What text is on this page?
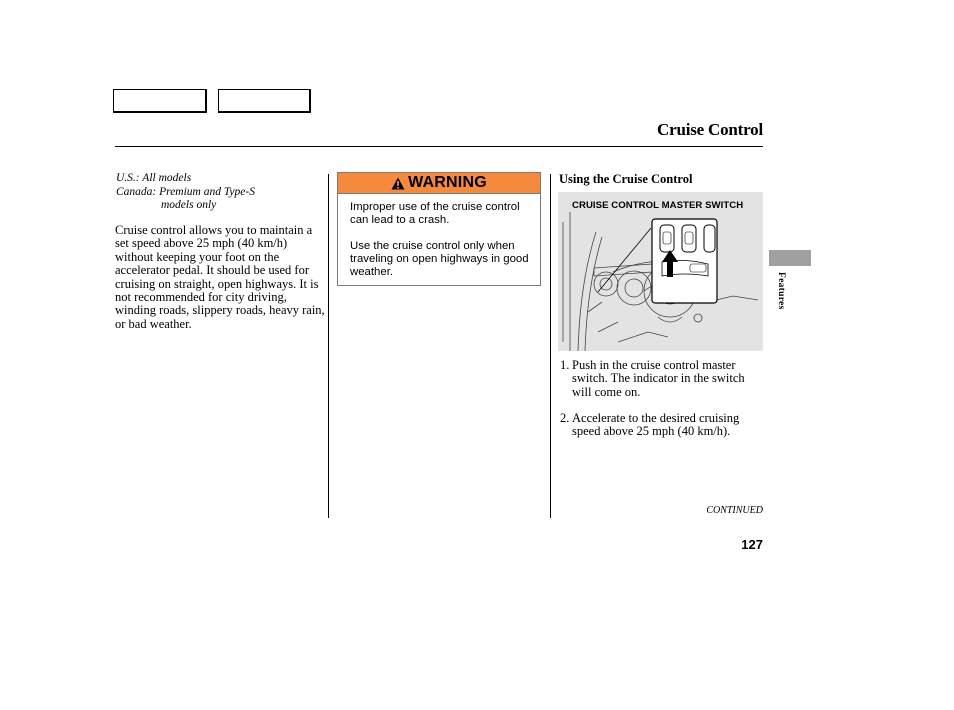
Cruise Control
U.S.: All models
Canada: Premium and Type-S
models only
Cruise control allows you to maintain a set speed above 25 mph (40 km/h) without keeping your foot on the accelerator pedal. It should be used for cruising on straight, open highways. It is not recommended for city driving, winding roads, slippery roads, heavy rain, or bad weather.
WARNING

Improper use of the cruise control can lead to a crash.

Use the cruise control only when traveling on open highways in good weather.

Using the Cruise Control
CRUISE CONTROL MASTER SWITCH
1. Push in the cruise control master switch. The indicator in the switch will come on.
2. Accelerate to the desired cruising speed above 25 mph (40 km/h).
CONTINUED
127
Features
